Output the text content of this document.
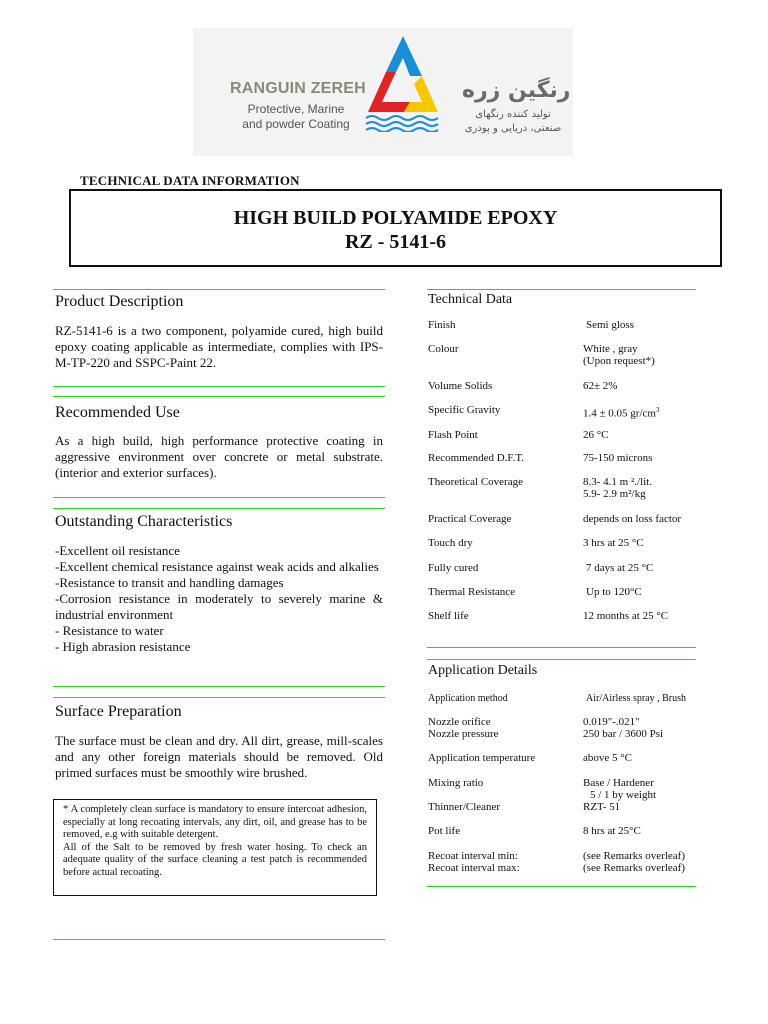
RANGUIN ZEREH
Protective, Marine
and powder Coating
رنگین زره
تولید کننده رنگهای
صنعتی، دریایی و پودری
TECHNICAL DATA INFORMATION
HIGH BUILD POLYAMIDE EPOXY
RZ - 5141-6
Product Description
RZ-5141-6 is a two component, polyamide cured, high build epoxy coating applicable as intermediate, complies with IPS-M-TP-220 and SSPC-Paint 22.
Recommended Use
As a high build, high performance protective coating in aggressive environment over concrete or metal substrate. (interior and exterior surfaces).
Outstanding Characteristics
-Excellent oil resistance
-Excellent chemical resistance against weak acids and alkalies
-Resistance to transit and handling damages
-Corrosion resistance in moderately to severely marine & industrial environment
- Resistance to water
- High abrasion resistance
Surface Preparation
The surface must be clean and dry. All dirt, grease, mill-scales and any other foreign materials should be removed. Old primed surfaces must be smoothly wire brushed.
* A completely clean surface is mandatory to ensure intercoat adhesion, especially at long recoating intervals, any dirt, oil, and grease has to be removed, e.g with suitable detergent.
All of the Salt to be removed by fresh water hosing. To check an adequate quality of the surface cleaning a test patch is recommended before actual recoating.
Technical Data
Finish	Semi gloss
Colour	White , gray
(Upon request*)
Volume Solids	62± 2%
Specific Gravity	1.4 ± 0.05 $gr/cm^3$
Flash Point	26 °C
Recommended D.F.T.	75-150 microns
Theoretical Coverage	8.3- 4.1 m ²./lit.
5.9- 2.9 m²/kg
Practical Coverage	depends on loss factor
Touch dry	3 hrs at 25 °C
Fully cured	7 days at 25 °C
Thermal Resistance	Up to 120°C
Shelf life	12 months at 25 °C
Application Details
Application method	Air/Airless spray , Brush
Nozzle orifice	0.019"-.021"
Nozzle pressure	250 bar / 3600 Psi
Application temperature	above 5 °C
Mixing ratio	Base / Hardener
5 / 1 by weight
Thinner/Cleaner	RZT- 51
Pot life	8 hrs at 25°C
Recoat interval min:	(see Remarks overleaf)
Recoat interval max:	(see Remarks overleaf)
